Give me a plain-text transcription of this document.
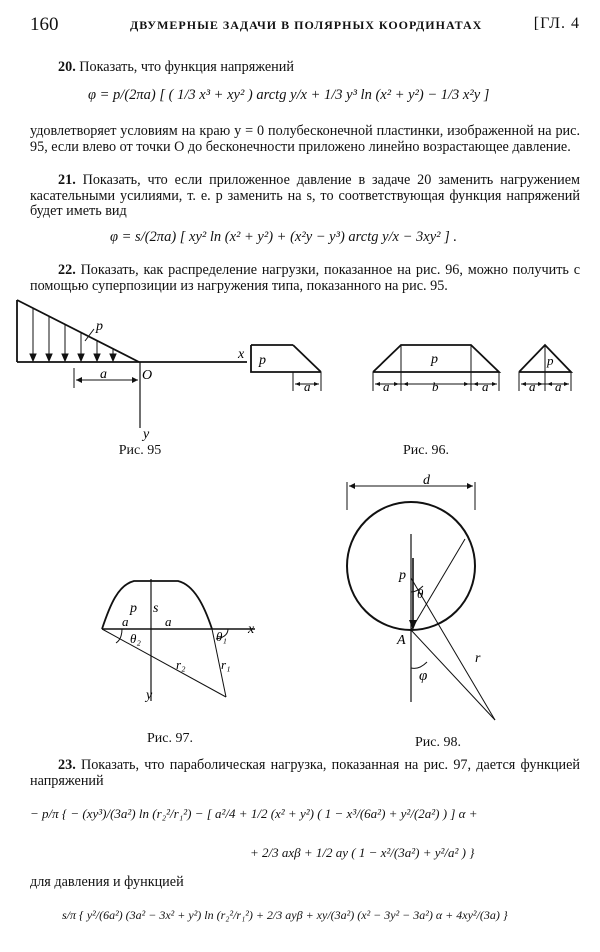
160	ДВУМЕРНЫЕ ЗАДАЧИ В ПОЛЯРНЫХ КООРДИНАТАХ	[ГЛ. 4
20. Показать, что функция напряжений
φ = p/(2πa) [ ( 1/3 x³ + xy² ) arctg y/x + 1/3 y³ ln (x² + y²) − 1/3 x²y ]
удовлетворяет условиям на краю y = 0 полубесконечной пластинки, изображенной на рис. 95, если влево от точки O до бесконечности приложено линейно возрастающее давление.
21. Показать, что если приложенное давление в задаче 20 заменить нагружением касательными усилиями, т. е. p заменить на s, то соответствующая функция напряжений будет иметь вид
φ = s/(2πa) [ xy² ln (x² + y²) + (x²y − y³) arctg y/x − 3xy² ] .
22. Показать, как распределение нагрузки, показанное на рис. 96, можно получить с помощью суперпозиции из нагружения типа, показанного на рис. 95.
p
a	O
x
y
Рис. 95
p
a
p
a	b	a
p
a a
Рис. 96.
p s
a	a
θ₂	θ₁
r₂	r₁
x
y
Рис. 97.
d
p
θ
A
r
φ
Рис. 98.
23. Показать, что параболическая нагрузка, показанная на рис. 97, дается функцией напряжений
− p/π { − (xy³)/(3a²) ln (r₂²/r₁²) − [ a²/4 + 1/2 (x² + y²) ( 1 − x³/(6a²) + y²/(2a²) ) ] α +
+ 2/3 axβ + 1/2 ay ( 1 − x²/(3a²) + y²/a² ) }
для давления и функцией
s/π { y²/(6a²) (3a² − 3x² + y²) ln (r₂²/r₁²) + 2/3 ayβ + xy/(3a²) (x² − 3y² − 3a²) α + 4xy²/(3a) }
